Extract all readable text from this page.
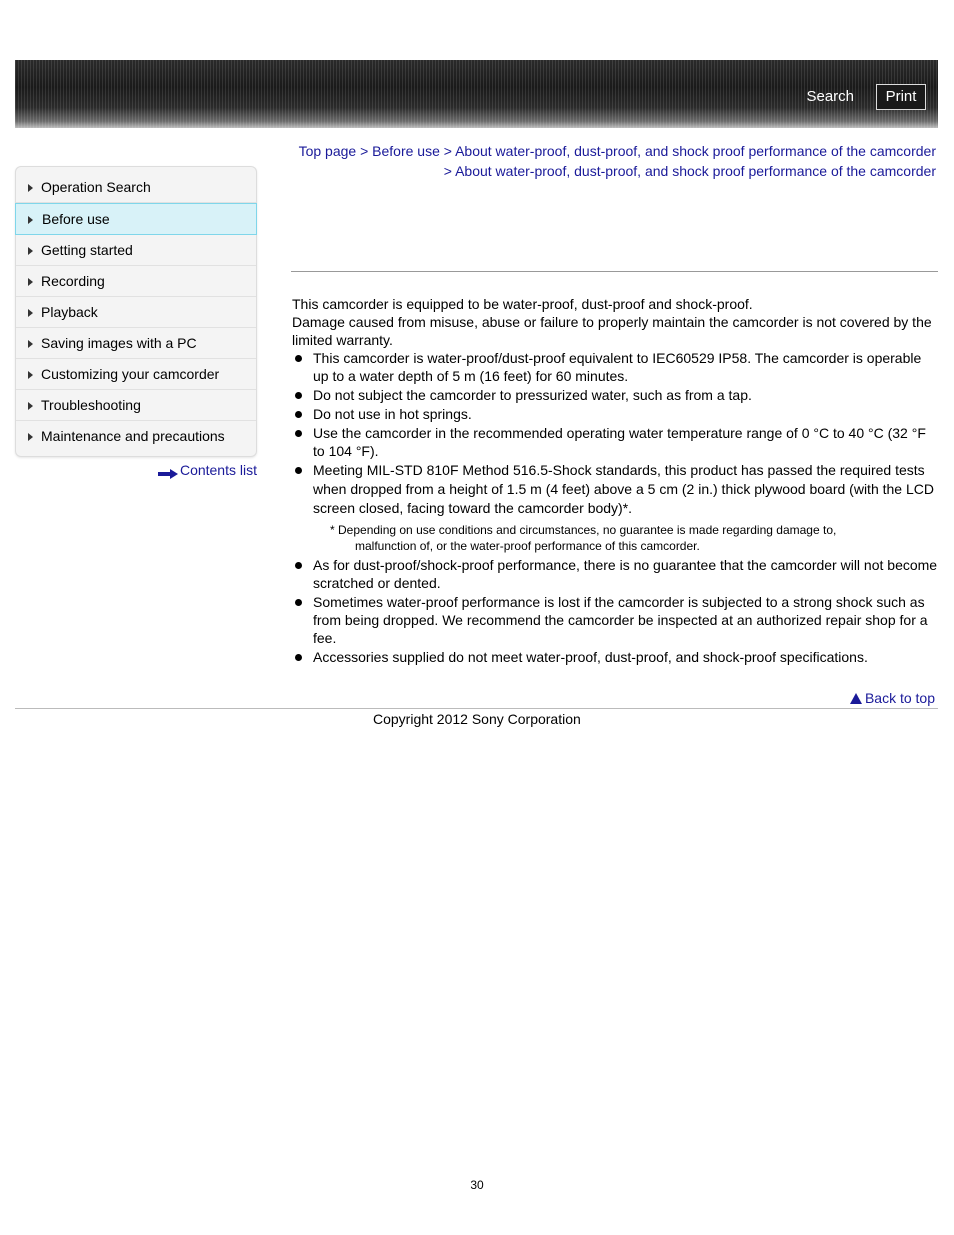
Search	Print
Top page > Before use > About water-proof, dust-proof, and shock proof performance of the camcorder > About water-proof, dust-proof, and shock proof performance of the camcorder
Operation Search
Before use
Getting started
Recording
Playback
Saving images with a PC
Customizing your camcorder
Troubleshooting
Maintenance and precautions
Contents list

This camcorder is equipped to be water-proof, dust-proof and shock-proof.

Damage caused from misuse, abuse or failure to properly maintain the camcorder is not covered by the limited warranty.

This camcorder is water-proof/dust-proof equivalent to IEC60529 IP58. The camcorder is operable up to a water depth of 5 m (16 feet) for 60 minutes.
Do not subject the camcorder to pressurized water, such as from a tap.
Do not use in hot springs.
Use the camcorder in the recommended operating water temperature range of 0 °C to 40 °C (32 °F to 104 °F).
Meeting MIL-STD 810F Method 516.5-Shock standards, this product has passed the required tests when dropped from a height of 1.5 m (4 feet) above a 5 cm (2 in.) thick plywood board (with the LCD screen closed, facing toward the camcorder body)*.
* Depending on use conditions and circumstances, no guarantee is made regarding damage to,
malfunction of, or the water-proof performance of this camcorder.
As for dust-proof/shock-proof performance, there is no guarantee that the camcorder will not become scratched or dented.
Sometimes water-proof performance is lost if the camcorder is subjected to a strong shock such as from being dropped. We recommend the camcorder be inspected at an authorized repair shop for a fee.
Accessories supplied do not meet water-proof, dust-proof, and shock-proof specifications.
Back to top
Copyright 2012 Sony Corporation
30
